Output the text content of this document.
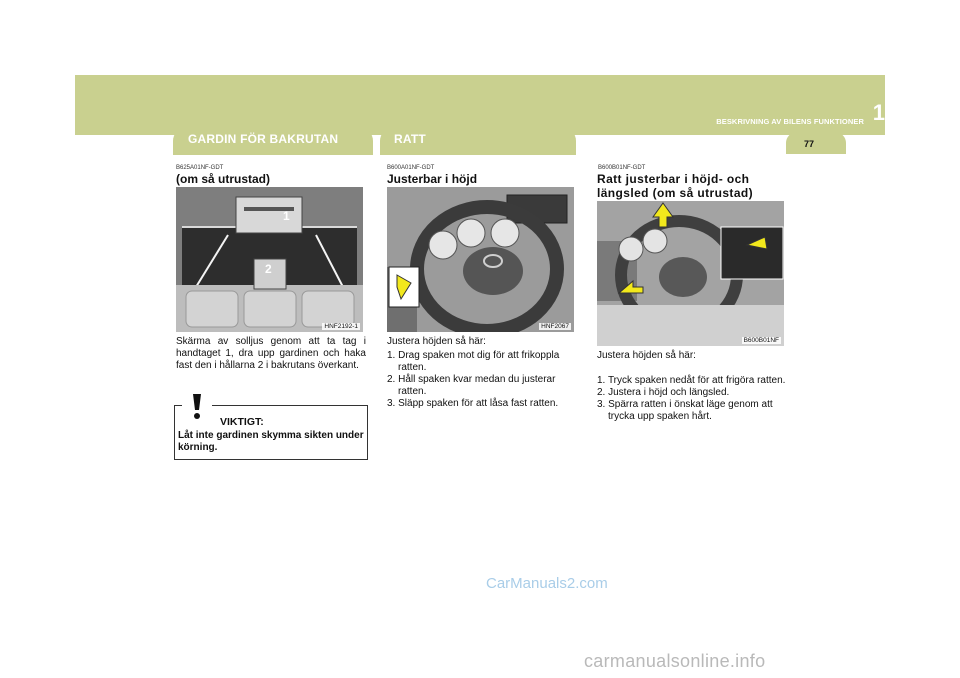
BESKRIVNING AV BILENS FUNKTIONER 1
77
GARDIN FÖR BAKRUTAN	RATT
B625A01NF-GDT
(om så utrustad)
1
2
HNF2192-1
Skärma av solljus genom att ta tag i handtaget 1, dra upp gardinen och haka fast den i hållarna 2 i bakrutans överkant.
VIKTIGT:
Låt inte gardinen skymma sikten under körning.
B600A01NF-GDT
Justerbar i höjd
HNF2067
Justera höjden så här:
1. Drag spaken mot dig för att frikoppla ratten.
2. Håll spaken kvar medan du justerar ratten.
3. Släpp spaken för att låsa fast ratten.
B600B01NF-GDT
Ratt justerbar i höjd- och längsled (om så utrustad)
B600B01NF
Justera höjden så här:
1. Tryck spaken nedåt för att frigöra ratten.
2. Justera i höjd och längsled.
3. Spärra ratten i önskat läge genom att trycka upp spaken hårt.
CarManuals2.com
carmanualsonline.info
